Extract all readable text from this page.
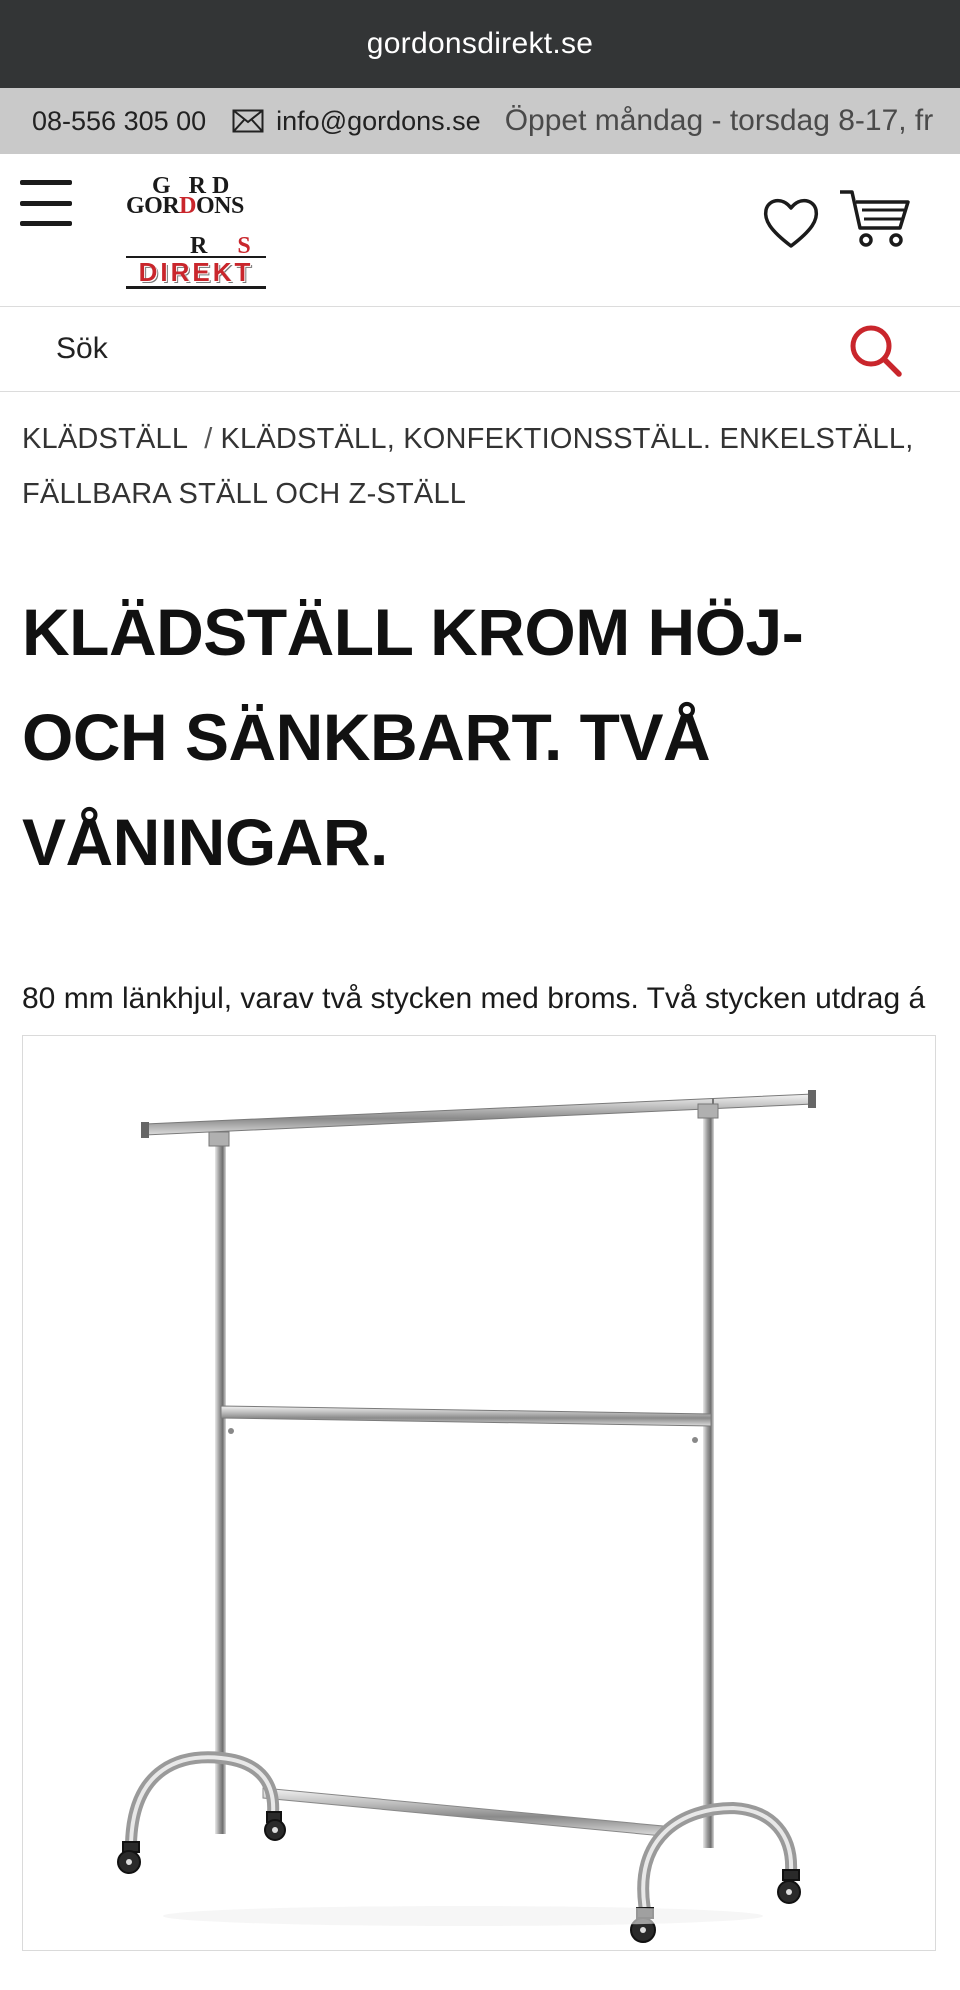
gordonsdirekt.se
08-556 305 00	info@gordons.se Öppet måndag - torsdag 8-17, fr
G RD
GORDONS

R S

DIREKT
Sök
KLÄDSTÄLL / KLÄDSTÄLL, KONFEKTIONSSTÄLL. ENKELSTÄLL, FÄLLBARA STÄLL OCH Z-STÄLL
KLÄDSTÄLL KROM HÖJ- OCH SÄNKBART. TVÅ VÅNINGAR.

80 mm länkhjul, varav två stycken med broms. Två stycken utdrag á
